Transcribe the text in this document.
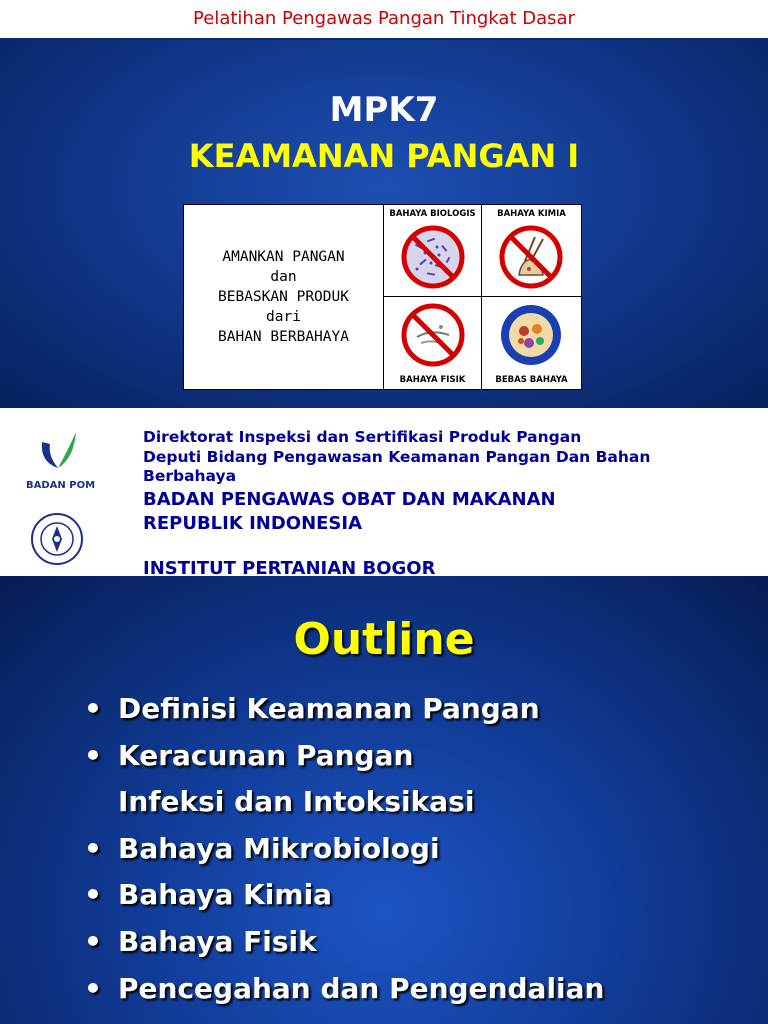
Pelatihan Pengawas Pangan Tingkat Dasar
MPK7
KEAMANAN PANGAN I
AMANKAN PANGAN
dan
BEBASKAN PRODUK
dari
BAHAN BERBAHAYA
BAHAYA BIOLOGIS	BAHAYA KIMIA
BAHAYA FISIK	BEBAS BAHAYA
BADAN POM
Direktorat Inspeksi dan Sertifikasi Produk Pangan
Deputi Bidang Pengawasan Keamanan Pangan Dan Bahan Berbahaya
BADAN PENGAWAS OBAT DAN MAKANAN
REPUBLIK INDONESIA
INSTITUT PERTANIAN BOGOR
Outline
• Definisi Keamanan Pangan
• Keracunan Pangan
Infeksi dan Intoksikasi
• Bahaya Mikrobiologi
• Bahaya Kimia
• Bahaya Fisik
• Pencegahan dan Pengendalian
